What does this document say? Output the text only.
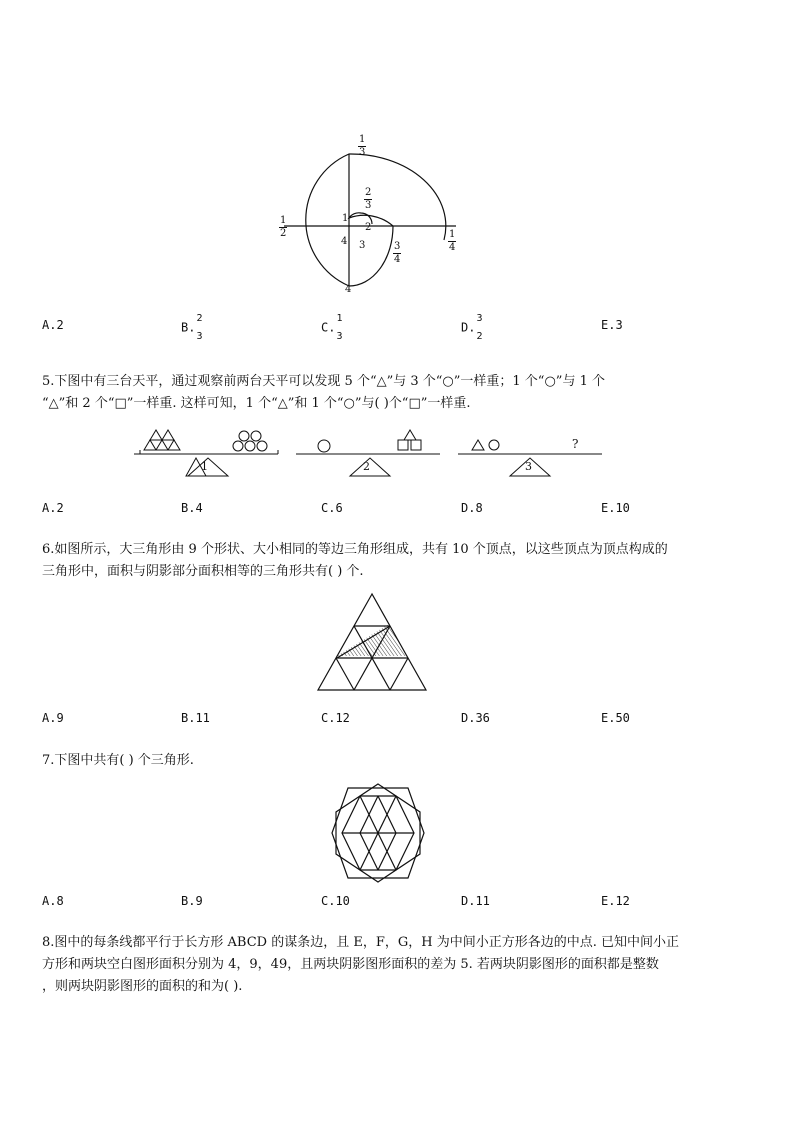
$\frac{1}{3}$
$\frac{2}{3}$
$\frac{1}{2}$
$\frac{1}{4}$
$\frac{3}{4}$
1
2
3
4
4
A.2	B.
2
3
C.
1
3
D.
3
2
E.3
5.下图中有三台天平，通过观察前两台天平可以发现 5 个“△”与 3 个“○”一样重；1 个“○”与 1 个
“△”和 2 个“□”一样重. 这样可知，1 个“△”和 1 个“○”与( )个“□”一样重.
1	2	3
?
A.2	B.4	C.6	D.8	E.10
6.如图所示，大三角形由 9 个形状、大小相同的等边三角形组成，共有 10 个顶点，以这些顶点为顶点构成的
三角形中，面积与阴影部分面积相等的三角形共有( ) 个.
A.9	B.11	C.12	D.36	E.50
7.下图中共有( ) 个三角形.
A.8	B.9	C.10	D.11	E.12
8.图中的每条线都平行于长方形 ABCD 的谋条边，且 E，F，G，H 为中间小正方形各边的中点. 已知中间小正
方形和两块空白图形面积分别为 4，9，49，且两块阴影图形面积的差为 5. 若两块阴影图形的面积都是整数
，则两块阴影图形的面积的和为( ).
